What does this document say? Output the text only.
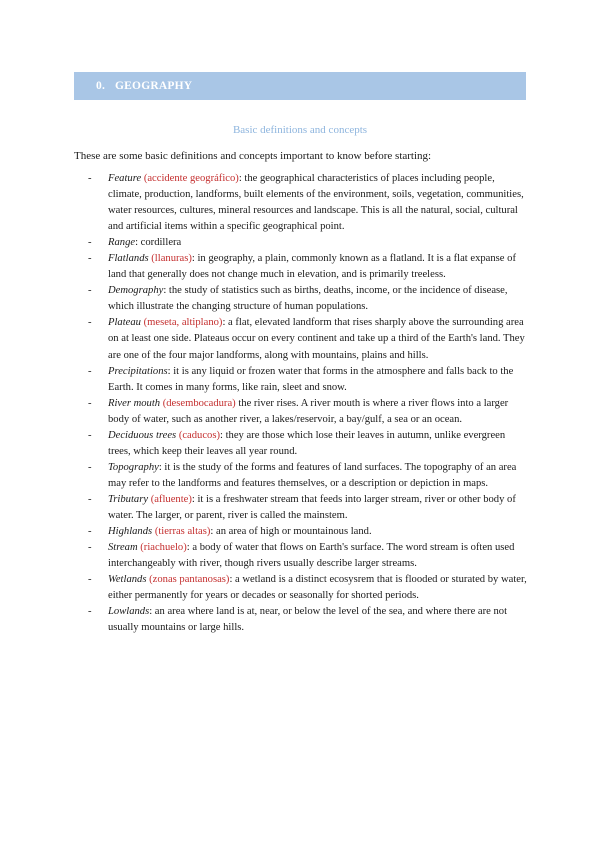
0. GEOGRAPHY
Basic definitions and concepts
These are some basic definitions and concepts important to know before starting:
- Feature (accidente geográfico): the geographical characteristics of places including people, climate, production, landforms, built elements of the environment, soils, vegetation, communities, water resources, cultures, mineral resources and landscape. This is all the natural, social, cultural and artificial items within a specific geographical point.
- Range: cordillera
- Flatlands (llanuras): in geography, a plain, commonly known as a flatland. It is a flat expanse of land that generally does not change much in elevation, and is primarily treeless.
- Demography: the study of statistics such as births, deaths, income, or the incidence of disease, which illustrate the changing structure of human populations.
- Plateau (meseta, altiplano): a flat, elevated landform that rises sharply above the surrounding area on at least one side. Plateaus occur on every continent and take up a third of the Earth's land. They are one of the four major landforms, along with mountains, plains and hills.
- Precipitations: it is any liquid or frozen water that forms in the atmosphere and falls back to the Earth. It comes in many forms, like rain, sleet and snow.
- River mouth (desembocadura) the river rises. A river mouth is where a river flows into a larger body of water, such as another river, a lakes/reservoir, a bay/gulf, a sea or an ocean.
- Deciduous trees (caducos): they are those which lose their leaves in autumn, unlike evergreen trees, which keep their leaves all year round.
- Topography: it is the study of the forms and features of land surfaces. The topography of an area may refer to the landforms and features themselves, or a description or depiction in maps.
- Tributary (afluente): it is a freshwater stream that feeds into larger stream, river or other body of water. The larger, or parent, river is called the mainstem.
- Highlands (tierras altas): an area of high or mountainous land.
- Stream (riachuelo): a body of water that flows on Earth's surface. The word stream is often used interchangeably with river, though rivers usually describe larger streams.
- Wetlands (zonas pantanosas): a wetland is a distinct ecosysrem that is flooded or sturated by water, either permanently for years or decades or seasonally for shorted periods.
- Lowlands: an area where land is at, near, or below the level of the sea, and where there are not usually mountains or large hills.
